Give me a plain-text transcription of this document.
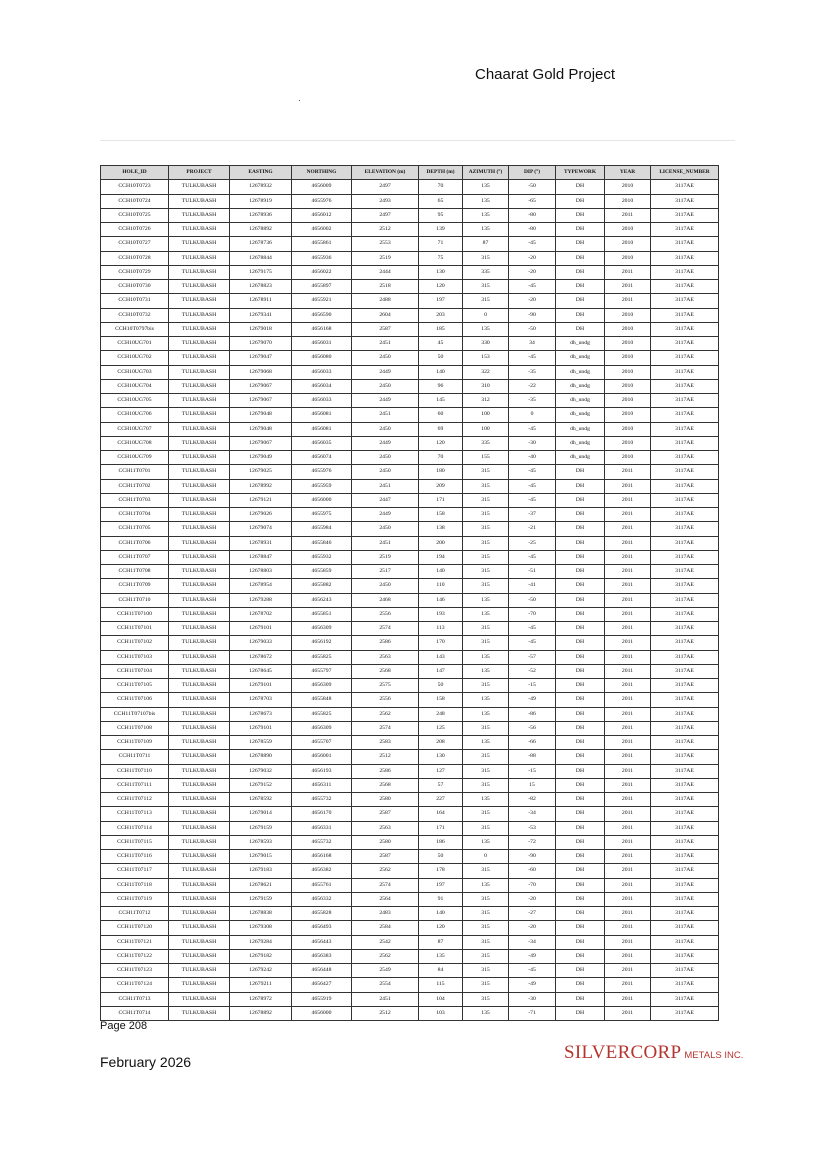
Chaarat Gold Project
HOLE_ID	PROJECT	EASTING	NORTHING	ELEVATION (m)	DEPTH (m)	AZIMUTH (°)	DIP (°)	TYPEWORK	YEAR	LICENSE_NUMBER
CCH10T0723	TULKUBASH	12678932	4656009	2497	70	135	-50	DH	2010	3117AE
CCH10T0724	TULKUBASH	12678919	4655976	2493	65	135	-65	DH	2010	3117AE
CCH10T0725	TULKUBASH	12678936	4656012	2497	95	135	-80	DH	2011	3117AE
CCH10T0726	TULKUBASH	12678892	4656002	2512	139	135	-80	DH	2010	3117AE
CCH10T0727	TULKUBASH	12678736	4655861	2553	71	87	-45	DH	2010	3117AE
CCH10T0728	TULKUBASH	12678844	4655936	2519	75	315	-20	DH	2010	3117AE
CCH10T0729	TULKUBASH	12679175	4656022	2444	130	335	-20	DH	2011	3117AE
CCH10T0730	TULKUBASH	12678823	4655897	2518	120	315	-45	DH	2011	3117AE
CCH10T0731	TULKUBASH	12678911	4655921	2488	197	315	-20	DH	2011	3117AE
CCH10T0732	TULKUBASH	12679341	4656590	2604	203	0	-90	DH	2010	3117AE
CCH10T0797bis	TULKUBASH	12679018	4656168	2587	185	135	-50	DH	2010	3117AE
CCH10UG701	TULKUBASH	12679070	4656031	2451	45	330	34	dh_undg	2010	3117AE
CCH10UG702	TULKUBASH	12679047	4656080	2450	50	153	-45	dh_undg	2010	3117AE
CCH10UG703	TULKUBASH	12679068	4656033	2449	140	322	-35	dh_undg	2010	3117AE
CCH10UG704	TULKUBASH	12679067	4656034	2450	96	310	-22	dh_undg	2010	3117AE
CCH10UG705	TULKUBASH	12679067	4656033	2449	145	312	-35	dh_undg	2010	3117AE
CCH10UG706	TULKUBASH	12679048	4656081	2451	60	100	0	dh_undg	2010	3117AE
CCH10UG707	TULKUBASH	12679048	4656081	2450	69	100	-45	dh_undg	2010	3117AE
CCH10UG708	TULKUBASH	12679067	4656035	2449	120	335	-30	dh_undg	2010	3117AE
CCH10UG709	TULKUBASH	12679049	4656074	2450	70	155	-40	dh_undg	2010	3117AE
CCH11T0701	TULKUBASH	12679025	4655976	2450	180	315	-45	DH	2011	3117AE
CCH11T0702	TULKUBASH	12678992	4655959	2451	209	315	-45	DH	2011	3117AE
CCH11T0703	TULKUBASH	12679121	4656000	2447	171	315	-45	DH	2011	3117AE
CCH11T0704	TULKUBASH	12679026	4655975	2449	158	315	-37	DH	2011	3117AE
CCH11T0705	TULKUBASH	12679074	4655984	2450	138	315	-21	DH	2011	3117AE
CCH11T0706	TULKUBASH	12678931	4655846	2451	200	315	-25	DH	2011	3117AE
CCH11T0707	TULKUBASH	12678847	4655932	2519	194	315	-45	DH	2011	3117AE
CCH11T0708	TULKUBASH	12678803	4655859	2517	140	315	-51	DH	2011	3117AE
CCH11T0709	TULKUBASH	12678954	4655882	2450	110	315	-41	DH	2011	3117AE
CCH11T0710	TULKUBASH	12679288	4656243	2468	146	135	-50	DH	2011	3117AE
CCH11T07100	TULKUBASH	12678702	4655851	2556	193	135	-70	DH	2011	3117AE
CCH11T07101	TULKUBASH	12679101	4656309	2574	113	315	-45	DH	2011	3117AE
CCH11T07102	TULKUBASH	12679033	4656192	2586	170	315	-45	DH	2011	3117AE
CCH11T07103	TULKUBASH	12678672	4655825	2563	143	135	-57	DH	2011	3117AE
CCH11T07104	TULKUBASH	12678645	4655797	2568	147	135	-52	DH	2011	3117AE
CCH11T07105	TULKUBASH	12679101	4656309	2575	50	315	-15	DH	2011	3117AE
CCH11T07106	TULKUBASH	12678703	4655848	2556	158	135	-49	DH	2011	3117AE
CCH11T07107bis	TULKUBASH	12678673	4655825	2562	248	135	-86	DH	2011	3117AE
CCH11T07108	TULKUBASH	12679101	4656309	2574	125	315	-56	DH	2011	3117AE
CCH11T07109	TULKUBASH	12678559	4655707	2583	208	135	-66	DH	2011	3117AE
CCH11T0711	TULKUBASH	12678890	4656001	2512	130	315	-88	DH	2011	3117AE
CCH11T07110	TULKUBASH	12679032	4656193	2586	127	315	-15	DH	2011	3117AE
CCH11T07111	TULKUBASH	12679152	4656311	2568	57	315	15	DH	2011	3117AE
CCH11T07112	TULKUBASH	12678592	4655732	2580	227	135	-82	DH	2011	3117AE
CCH11T07113	TULKUBASH	12679014	4656170	2587	164	315	-34	DH	2011	3117AE
CCH11T07114	TULKUBASH	12679159	4656331	2563	171	315	-53	DH	2011	3117AE
CCH11T07115	TULKUBASH	12678593	4655732	2580	186	135	-72	DH	2011	3117AE
CCH11T07116	TULKUBASH	12679015	4656168	2587	50	0	-90	DH	2011	3117AE
CCH11T07117	TULKUBASH	12679183	4656382	2562	178	315	-60	DH	2011	3117AE
CCH11T07118	TULKUBASH	12678621	4655761	2574	197	135	-70	DH	2011	3117AE
CCH11T07119	TULKUBASH	12679159	4656332	2564	91	315	-20	DH	2011	3117AE
CCH11T0712	TULKUBASH	12678838	4655828	2483	140	315	-27	DH	2011	3117AE
CCH11T07120	TULKUBASH	12679308	4656493	2584	120	315	-20	DH	2011	3117AE
CCH11T07121	TULKUBASH	12679284	4656443	2542	87	315	-34	DH	2011	3117AE
CCH11T07122	TULKUBASH	12679182	4656383	2562	135	315	-49	DH	2011	3117AE
CCH11T07123	TULKUBASH	12679242	4656448	2549	84	315	-45	DH	2011	3117AE
CCH11T07124	TULKUBASH	12679211	4656427	2554	115	315	-49	DH	2011	3117AE
CCH11T0713	TULKUBASH	12678972	4655919	2451	104	315	-30	DH	2011	3117AE
CCH11T0714	TULKUBASH	12678892	4656000	2512	103	135	-71	DH	2011	3117AE
Page 208
February 2026	SILVERCORP METALS INC.
